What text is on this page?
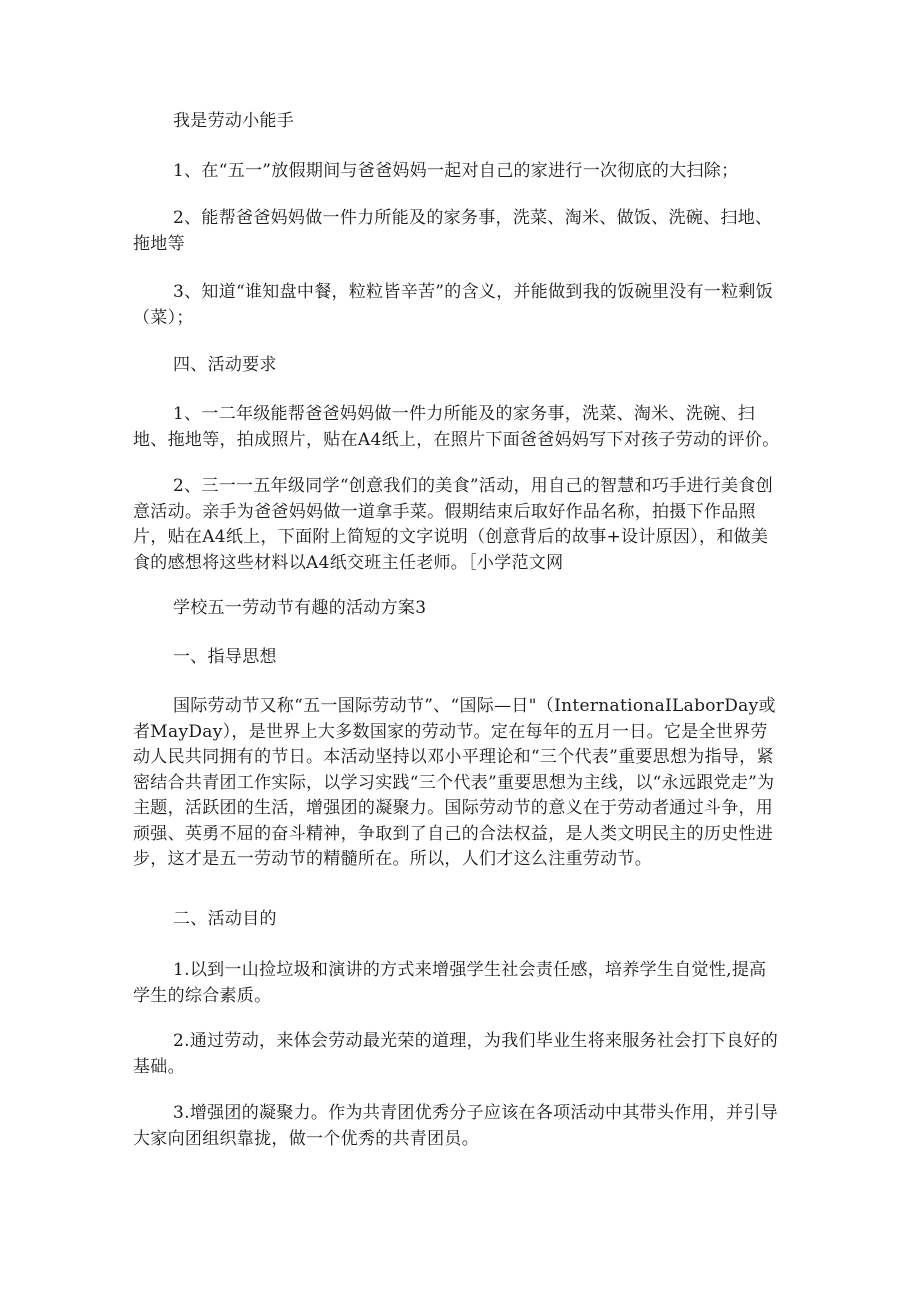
我是劳动小能手

1、在“五一”放假期间与爸爸妈妈一起对自己的家进行一次彻底的大扫除；

2、能帮爸爸妈妈做一件力所能及的家务事，洗菜、淘米、做饭、洗碗、扫地、拖地等

3、知道“谁知盘中餐，粒粒皆辛苦”的含义，并能做到我的饭碗里没有一粒剩饭（菜）；

四、活动要求

1、一二年级能帮爸爸妈妈做一件力所能及的家务事，洗菜、淘米、洗碗、扫地、拖地等，拍成照片，贴在A4纸上，在照片下面爸爸妈妈写下对孩子劳动的评价。

2、三一一五年级同学“创意我们的美食”活动，用自己的智慧和巧手进行美食创意活动。亲手为爸爸妈妈做一道拿手菜。假期结束后取好作品名称，拍摄下作品照片，贴在A4纸上，下面附上简短的文字说明（创意背后的故事+设计原因），和做美食的感想将这些材料以A4纸交班主任老师。［小学范文网

学校五一劳动节有趣的活动方案3

一、指导思想

国际劳动节又称“五一国际劳动节”、“国际—日"（InternationaILaborDay或者MayDay），是世界上大多数国家的劳动节。定在每年的五月一日。它是全世界劳动人民共同拥有的节日。本活动坚持以邓小平理论和“三个代表”重要思想为指导，紧密结合共青团工作实际，以学习实践“三个代表”重要思想为主线，以“永远跟党走”为主题，活跃团的生活，增强团的凝聚力。国际劳动节的意义在于劳动者通过斗争，用顽强、英勇不屈的奋斗精神，争取到了自己的合法权益，是人类文明民主的历史性进步，这才是五一劳动节的精髓所在。所以，人们才这么注重劳动节。

二、活动目的

1.以到一山捡垃圾和演讲的方式来增强学生社会责任感，培养学生自觉性,提高学生的综合素质。

2.通过劳动，来体会劳动最光荣的道理，为我们毕业生将来服务社会打下良好的基础。

3.增强团的凝聚力。作为共青团优秀分子应该在各项活动中其带头作用，并引导大家向团组织靠拢，做一个优秀的共青团员。
